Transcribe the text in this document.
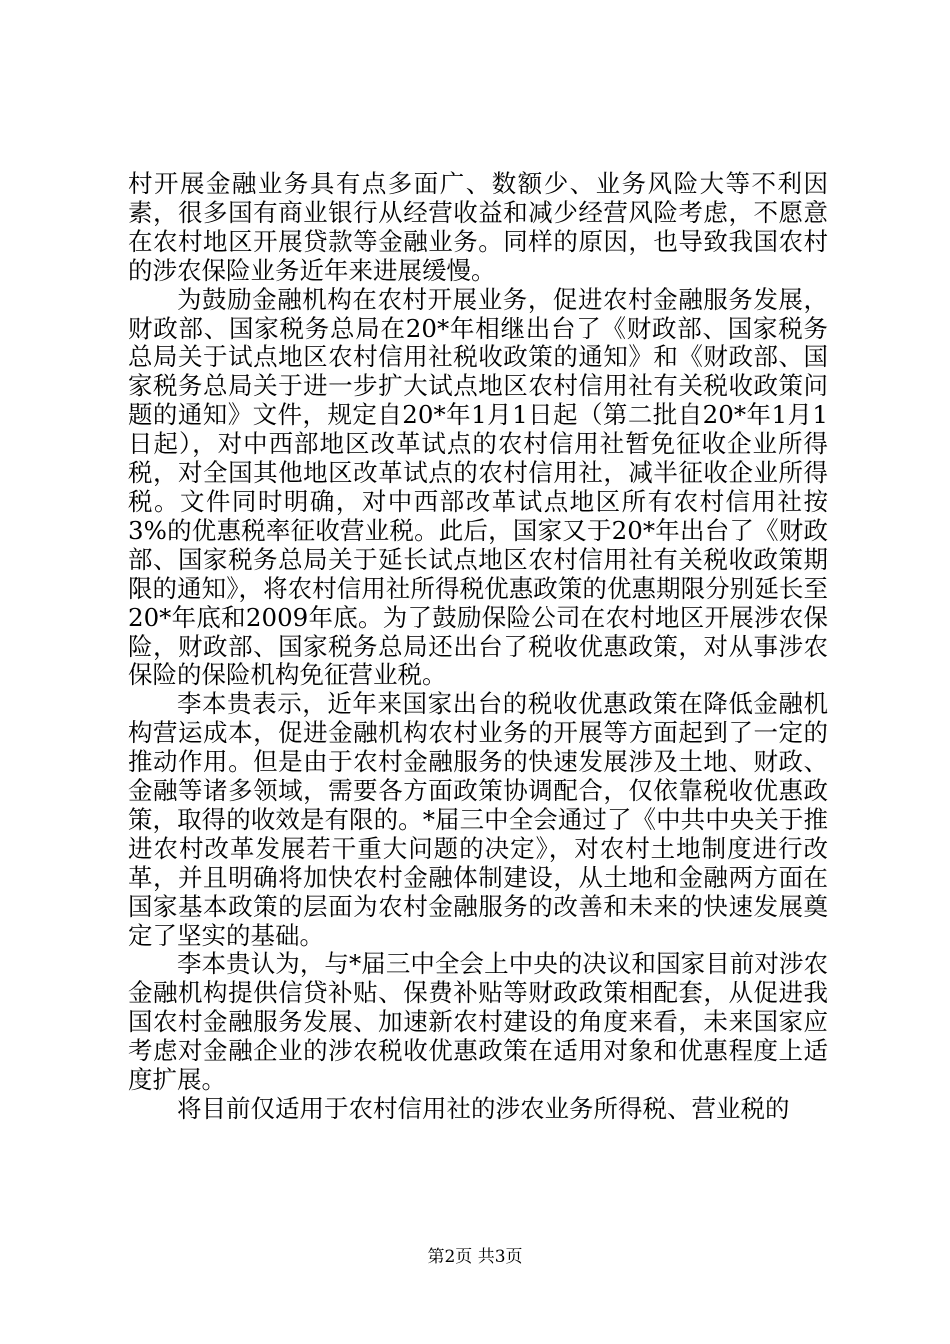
村开展金融业务具有点多面广、数额少、业务风险大等不利因素，很多国有商业银行从经营收益和减少经营风险考虑，不愿意在农村地区开展贷款等金融业务。同样的原因，也导致我国农村的涉农保险业务近年来进展缓慢。

为鼓励金融机构在农村开展业务，促进农村金融服务发展，财政部、国家税务总局在20*年相继出台了《财政部、国家税务总局关于试点地区农村信用社税收政策的通知》和《财政部、国家税务总局关于进一步扩大试点地区农村信用社有关税收政策问题的通知》文件，规定自20*年1月1日起（第二批自20*年1月1日起），对中西部地区改革试点的农村信用社暂免征收企业所得税，对全国其他地区改革试点的农村信用社，减半征收企业所得税。文件同时明确，对中西部改革试点地区所有农村信用社按3%的优惠税率征收营业税。此后，国家又于20*年出台了《财政部、国家税务总局关于延长试点地区农村信用社有关税收政策期限的通知》，将农村信用社所得税优惠政策的优惠期限分别延长至20*年底和2009年底。为了鼓励保险公司在农村地区开展涉农保险，财政部、国家税务总局还出台了税收优惠政策，对从事涉农保险的保险机构免征营业税。

李本贵表示，近年来国家出台的税收优惠政策在降低金融机构营运成本，促进金融机构农村业务的开展等方面起到了一定的推动作用。但是由于农村金融服务的快速发展涉及土地、财政、金融等诸多领域，需要各方面政策协调配合，仅依靠税收优惠政策，取得的收效是有限的。*届三中全会通过了《中共中央关于推进农村改革发展若干重大问题的决定》，对农村土地制度进行改革，并且明确将加快农村金融体制建设，从土地和金融两方面在国家基本政策的层面为农村金融服务的改善和未来的快速发展奠定了坚实的基础。

李本贵认为，与*届三中全会上中央的决议和国家目前对涉农金融机构提供信贷补贴、保费补贴等财政政策相配套，从促进我国农村金融服务发展、加速新农村建设的角度来看，未来国家应考虑对金融企业的涉农税收优惠政策在适用对象和优惠程度上适度扩展。

将目前仅适用于农村信用社的涉农业务所得税、营业税的

第2页 共3页
